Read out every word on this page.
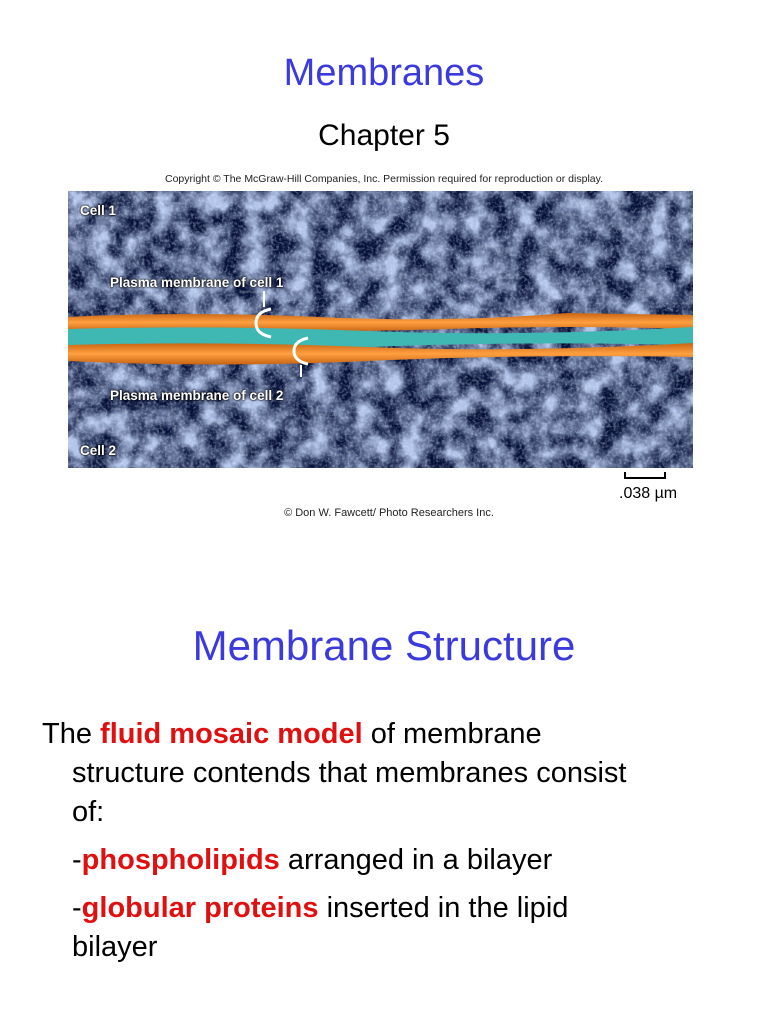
Membranes
Chapter 5
Copyright © The McGraw-Hill Companies, Inc. Permission required for reproduction or display.
Cell 1
Plasma membrane of cell 1
Plasma membrane of cell 2
Cell 2
.038 µm
© Don W. Fawcett/ Photo Researchers Inc.
Membrane Structure
The fluid mosaic model of membrane
structure contends that membranes consist
of:
-phospholipids arranged in a bilayer
-globular proteins inserted in the lipid
bilayer
